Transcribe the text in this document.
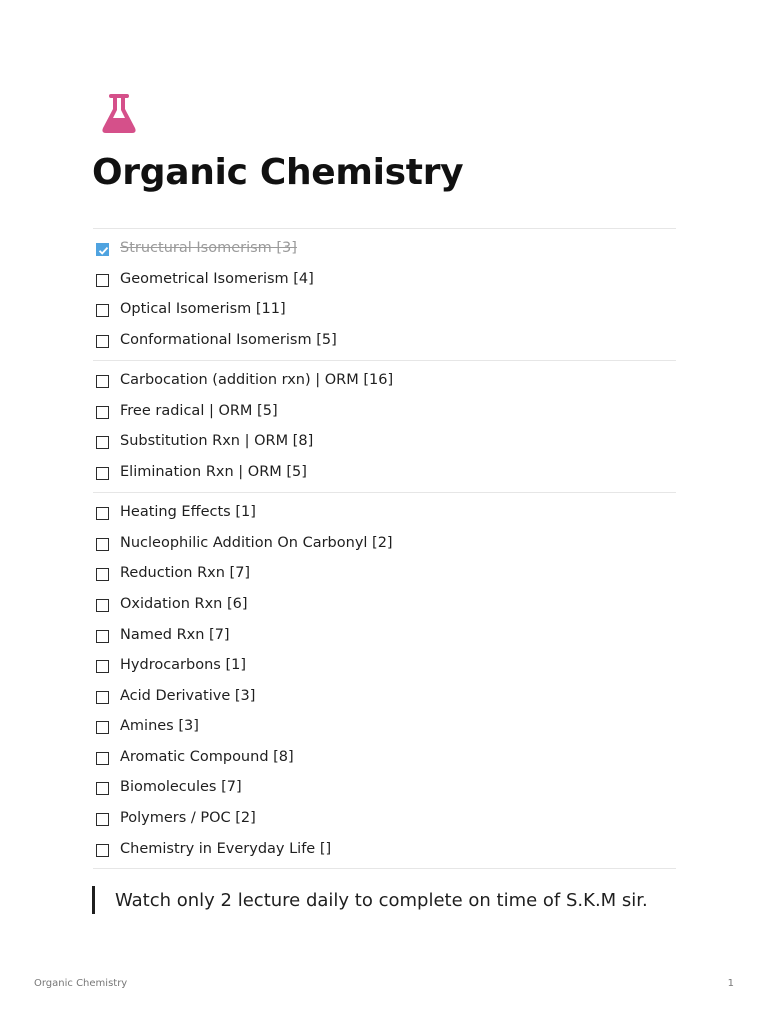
Organic Chemistry
Structural Isomerism [3]
Geometrical Isomerism [4]
Optical Isomerism [11]
Conformational Isomerism [5]
Carbocation (addition rxn) | ORM [16]
Free radical | ORM [5]
Substitution Rxn | ORM [8]
Elimination Rxn | ORM [5]
Heating Effects [1]
Nucleophilic Addition On Carbonyl [2]
Reduction Rxn [7]
Oxidation Rxn [6]
Named Rxn [7]
Hydrocarbons [1]
Acid Derivative [3]
Amines [3]
Aromatic Compound [8]
Biomolecules [7]
Polymers / POC [2]
Chemistry in Everyday Life []
Watch only 2 lecture daily to complete on time of S.K.M sir.
Organic Chemistry	1
